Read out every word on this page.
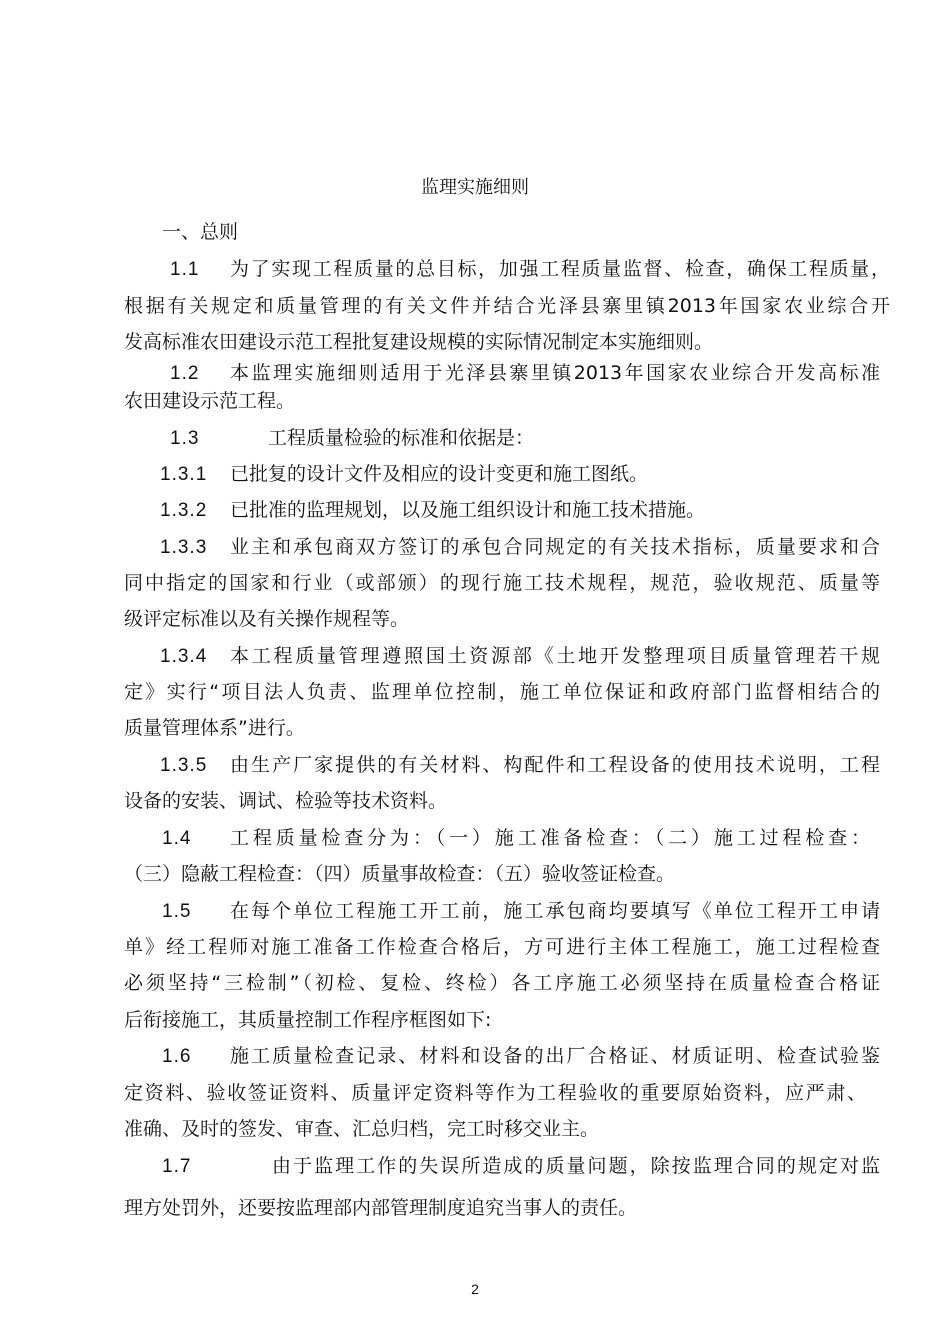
监理实施细则
一、总则
1.1 为了实现工程质量的总目标，加强工程质量监督、检查，确保工程质量，
根据有关规定和质量管理的有关文件并结合光泽县寨里镇2013年国家农业综合开
发高标准农田建设示范工程批复建设规模的实际情况制定本实施细则。
1.2 本监理实施细则适用于光泽县寨里镇2013年国家农业综合开发高标准
农田建设示范工程。
1.3	工程质量检验的标准和依据是：
1.3.1 已批复的设计文件及相应的设计变更和施工图纸。
1.3.2 已批准的监理规划，以及施工组织设计和施工技术措施。
1.3.3 业主和承包商双方签订的承包合同规定的有关技术指标，质量要求和合
同中指定的国家和行业（或部颁）的现行施工技术规程，规范，验收规范、质量等
级评定标准以及有关操作规程等。
1.3.4 本工程质量管理遵照国土资源部《土地开发整理项目质量管理若干规
定》实行“项目法人负责、监理单位控制，施工单位保证和政府部门监督相结合的
质量管理体系”进行。
1.3.5 由生产厂家提供的有关材料、构配件和工程设备的使用技术说明，工程
设备的安装、调试、检验等技术资料。
1.4 工程质量检查分为：（一）施工准备检查：（二）施工过程检查：
（三）隐蔽工程检查：（四）质量事故检查：（五）验收签证检查。
1.5 在每个单位工程施工开工前，施工承包商均要填写《单位工程开工申请
单》经工程师对施工准备工作检查合格后，方可进行主体工程施工，施工过程检查
必须坚持“三检制”（初检、复检、终检）各工序施工必须坚持在质量检查合格证
后衔接施工，其质量控制工作程序框图如下:
1.6 施工质量检查记录、材料和设备的出厂合格证、材质证明、检查试验鉴
定资料、验收签证资料、质量评定资料等作为工程验收的重要原始资料，应严肃、
准确、及时的签发、审查、汇总归档，完工时移交业主。
1.7	由于监理工作的失误所造成的质量问题，除按监理合同的规定对监
理方处罚外，还要按监理部内部管理制度追究当事人的责任。
2
